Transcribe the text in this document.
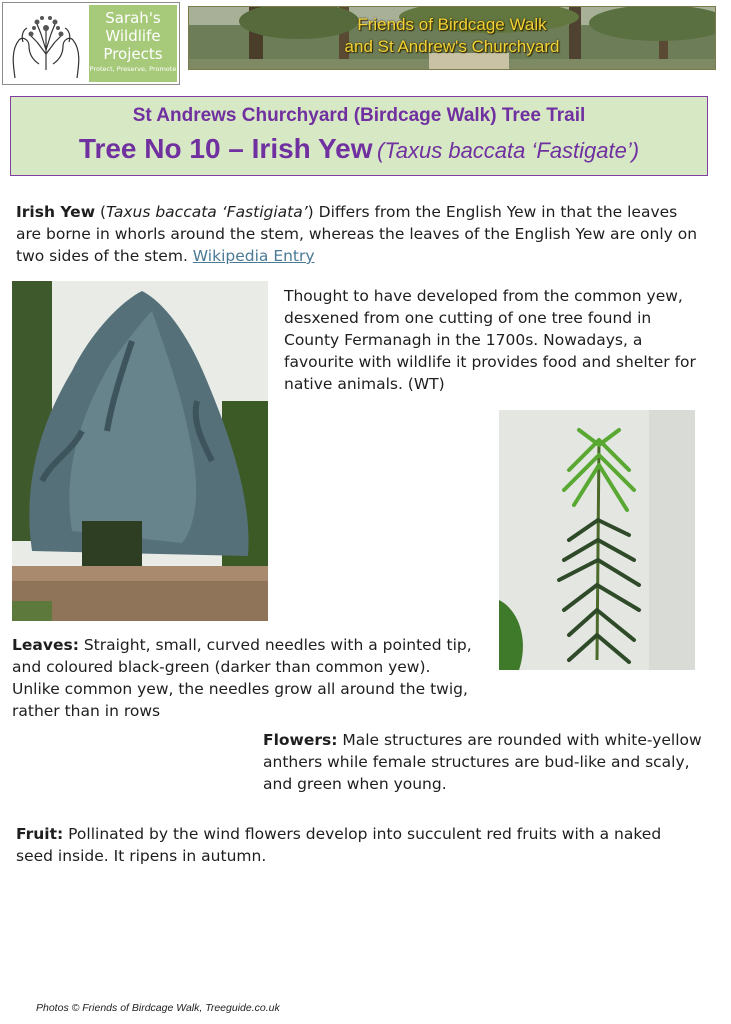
Sarah's
Wildlife
Projects
Protect, Preserve, Promote
Friends of Birdcage Walk
and St Andrew's Churchyard
St Andrews Churchyard (Birdcage Walk) Tree Trail
Tree No 10 – Irish Yew (Taxus baccata ‘Fastigate’)
Irish Yew (Taxus baccata ‘Fastigiata’) Differs from the English Yew in that the leaves are borne in whorls around the stem, whereas the leaves of the English Yew are only on two sides of the stem. Wikipedia Entry
Thought to have developed from the common yew, desxened from one cutting of one tree found in County Fermanagh in the 1700s. Nowadays, a favourite with wildlife it provides food and shelter for native animals. (WT)
Leaves: Straight, small, curved needles with a pointed tip, and coloured black-green (darker than common yew). Unlike common yew, the needles grow all around the twig, rather than in rows
Flowers: Male structures are rounded with white-yellow anthers while female structures are bud-like and scaly, and green when young.
Fruit: Pollinated by the wind flowers develop into succulent red fruits with a naked seed inside. It ripens in autumn.
Photos © Friends of Birdcage Walk, Treeguide.co.uk
